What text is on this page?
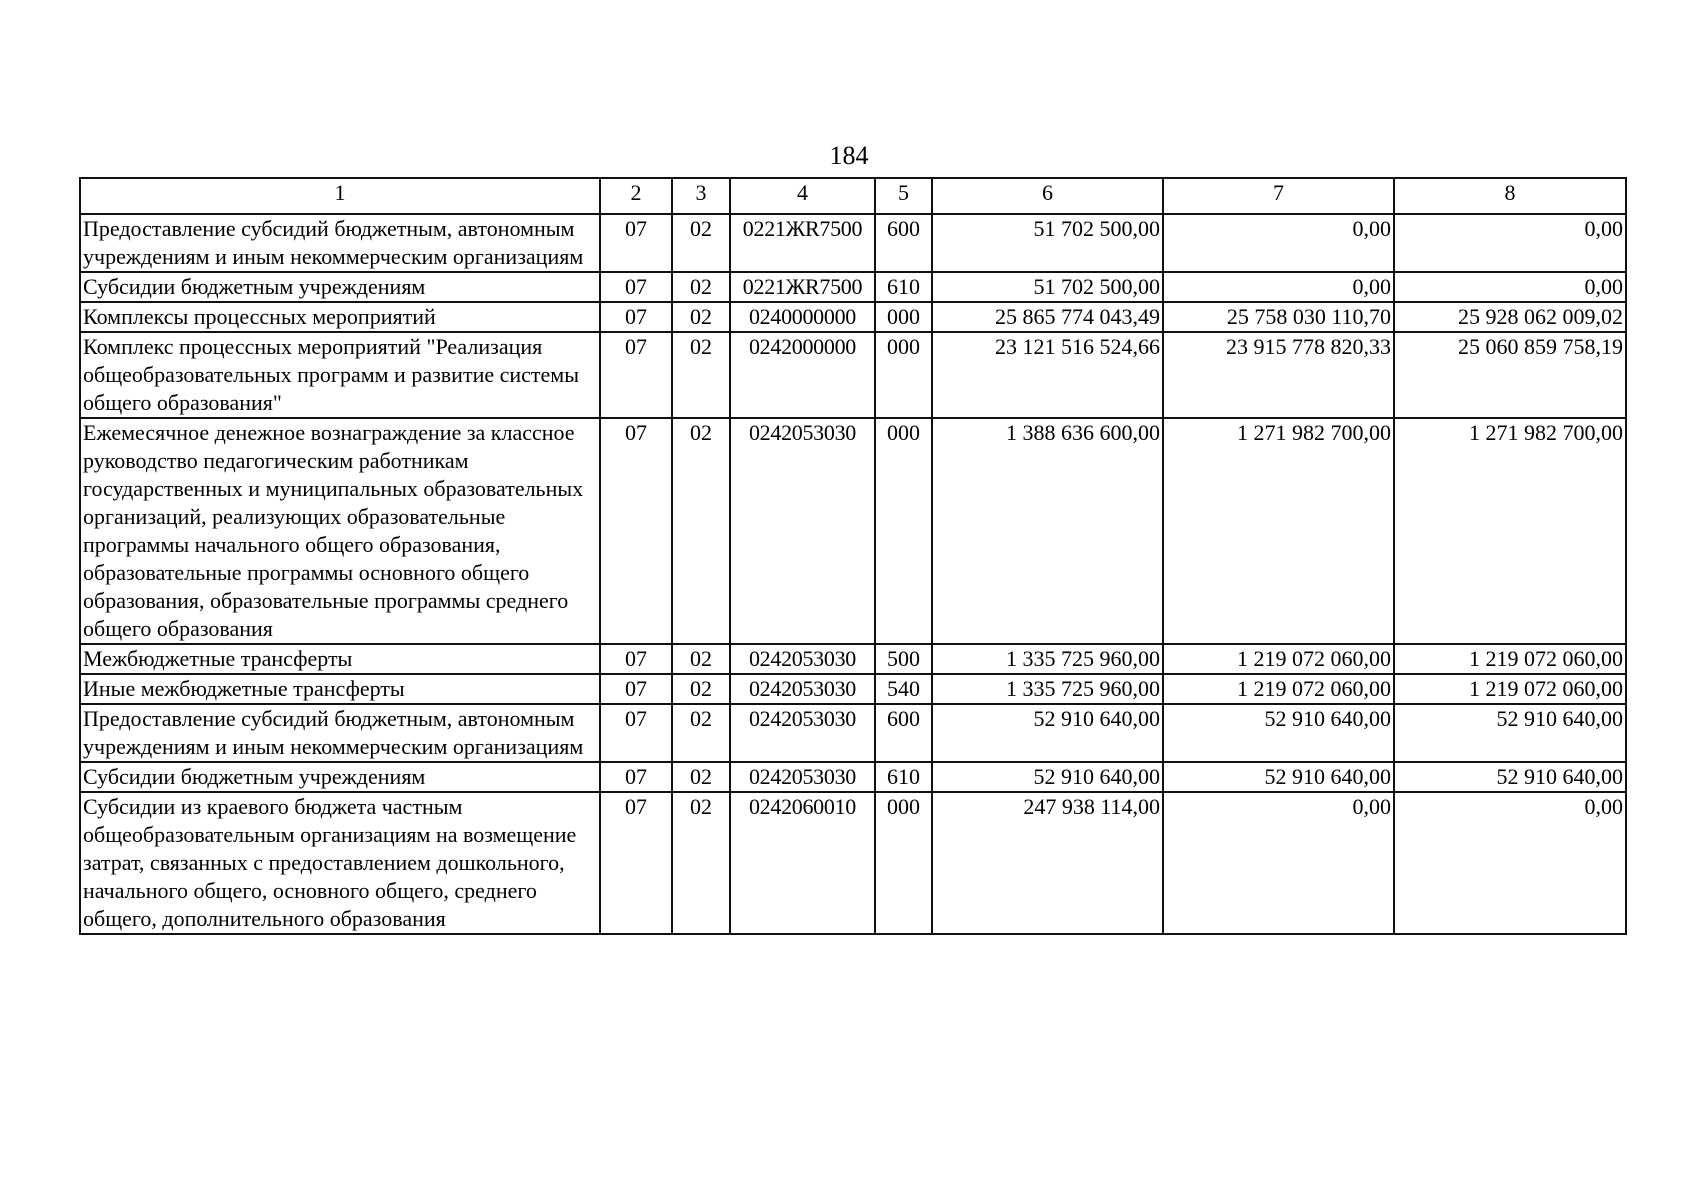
184
1	2	3	4	5	6	7	8
Предоставление субсидий бюджетным, автономным учреждениям и иным некоммерческим организациям	07	02	0221ЖR7500	600	51 702 500,00	0,00	0,00
Субсидии бюджетным учреждениям	07	02	0221ЖR7500	610	51 702 500,00	0,00	0,00
Комплексы процессных мероприятий	07	02	0240000000	000	25 865 774 043,49	25 758 030 110,70	25 928 062 009,02
Комплекс процессных мероприятий "Реализация общеобразовательных программ и развитие системы общего образования"	07	02	0242000000	000	23 121 516 524,66	23 915 778 820,33	25 060 859 758,19
Ежемесячное денежное вознаграждение за классное руководство педагогическим работникам государственных и муниципальных образовательных организаций, реализующих образовательные программы начального общего образования, образовательные программы основного общего образования, образовательные программы среднего общего образования	07	02	0242053030	000	1 388 636 600,00	1 271 982 700,00	1 271 982 700,00
Межбюджетные трансферты	07	02	0242053030	500	1 335 725 960,00	1 219 072 060,00	1 219 072 060,00
Иные межбюджетные трансферты	07	02	0242053030	540	1 335 725 960,00	1 219 072 060,00	1 219 072 060,00
Предоставление субсидий бюджетным, автономным учреждениям и иным некоммерческим организациям	07	02	0242053030	600	52 910 640,00	52 910 640,00	52 910 640,00
Субсидии бюджетным учреждениям	07	02	0242053030	610	52 910 640,00	52 910 640,00	52 910 640,00
Субсидии из краевого бюджета частным общеобразовательным организациям на возмещение затрат, связанных с предоставлением дошкольного, начального общего, основного общего, среднего общего, дополнительного образования	07	02	0242060010	000	247 938 114,00	0,00	0,00
